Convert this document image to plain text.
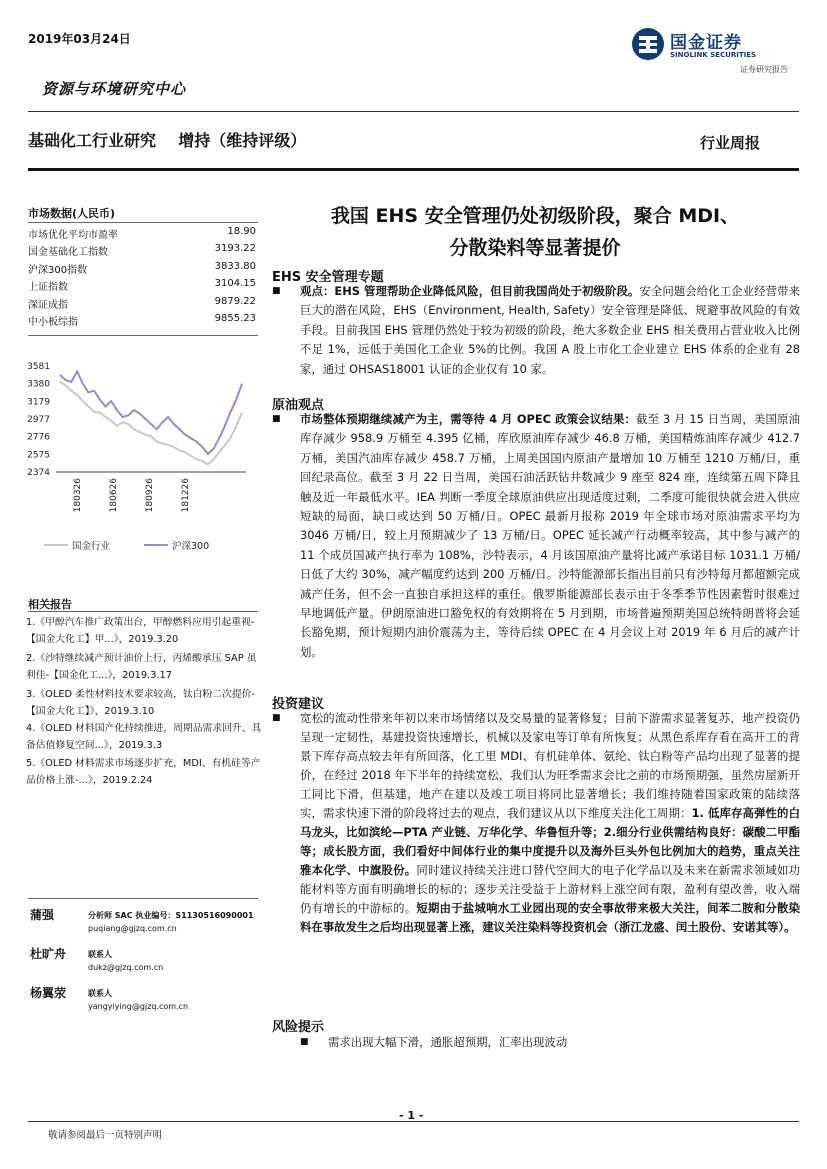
2019年03月24日
资源与环境研究中心
国金证券
SINOLINK SECURITIES
证券研究报告
基础化工行业研究    增持（维持评级）	行业周报
市场数据(人民币)
市场优化平均市盈率	18.90
国金基础化工指数	3193.22
沪深300指数	3833.80
上证指数	3104.15
深证成指	9879.22
中小板综指	9855.23
2374
2575
2776
2977
3179
3380
3581
180326	180626	180926	181226
国金行业	沪深300
相关报告
1.《甲醇汽车推广政策出台，甲醇燃料应用引起重视-【国金大化工】甲...》，2019.3.20
2.《沙特继续减产预计油价上行，丙烯酸承压 SAP 虽利佳-【国金化工...》，2019.3.17
3.《OLED 柔性材料技术要求较高，钛白粉二次提价-【国金大化工】》，2019.3.10
4.《OLED 材料国产化持续推进，周期品需求回升、具备估值修复空间...》，2019.3.3
5.《OLED 材料需求市场逐步扩充，MDI、有机硅等产品价格上涨-...》，2019.2.24
蒲强	分析师 SAC 执业编号：S1130516090001
puqiang@gjzq.com.cn
杜旷舟	联系人
dukz@gjzq.com.cn
杨翼荥	联系人
yangyiying@gjzq.com.cn
我国 EHS 安全管理仍处初级阶段，聚合 MDI、
分散染料等显著提价
EHS 安全管理专题
■ 观点：EHS 管理帮助企业降低风险，但目前我国尚处于初级阶段。安全问题会给化工企业经营带来巨大的潜在风险，EHS（Environment, Health, Safety）安全管理是降低、规避事故风险的有效手段。目前我国 EHS 管理仍然处于较为初级的阶段，绝大多数企业 EHS 相关费用占营业收入比例不足 1%，远低于美国化工企业 5%的比例。我国 A 股上市化工企业建立 EHS 体系的企业有 28 家，通过 OHSAS18001 认证的企业仅有 10 家。
原油观点
■ 市场整体预期继续减产为主，需等待 4 月 OPEC 政策会议结果：截至 3 月 15 日当周，美国原油库存减少 958.9 万桶至 4.395 亿桶，库欣原油库存减少 46.8 万桶，美国精炼油库存减少 412.7 万桶，美国汽油库存减少 458.7 万桶，上周美国国内原油产量增加 10 万桶至 1210 万桶/日，重回纪录高位。截至 3 月 22 日当周，美国石油活跃钻井数减少 9 座至 824 座，连续第五周下降且触及近一年最低水平。IEA 判断一季度全球原油供应出现适度过剩，二季度可能很快就会进入供应短缺的局面，缺口或达到 50 万桶/日。OPEC 最新月报称 2019 年全球市场对原油需求平均为 3046 万桶/日，较上月预期减少了 13 万桶/日。OPEC 延长减产行动概率较高，其中参与减产的 11 个成员国减产执行率为 108%，沙特表示，4 月该国原油产量将比减产承诺目标 1031.1 万桶/日低了大约 30%，减产幅度约达到 200 万桶/日。沙特能源部长指出目前只有沙特每月都超额完成减产任务，但不会一直独自承担这样的重任。俄罗斯能源部长表示由于冬季季节性因素暂时很难过早地调低产量。伊朗原油进口豁免权的有效期将在 5 月到期，市场普遍预期美国总统特朗普将会延长豁免期，预计短期内油价震荡为主，等待后续 OPEC 在 4 月会议上对 2019 年 6 月后的减产计划。
投资建议
■ 宽松的流动性带来年初以来市场情绪以及交易量的显著修复；目前下游需求显著复苏，地产投资仍呈现一定韧性，基建投资快速增长，机械以及家电等订单有所恢复；从黑色系库存看在高开工的背景下库存高点较去年有所回落，化工里 MDI、有机硅单体、氨纶、钛白粉等产品均出现了显著的提价，在经过 2018 年下半年的持续宽松，我们认为旺季需求会比之前的市场预期强，虽然房屋新开工同比下滑，但基建，地产在建以及竣工项目将同比显著增长；我们维持随着国家政策的陆续落实，需求快速下滑的阶段将过去的观点，我们建议从以下维度关注化工周期：1. 低库存高弹性的白马龙头，比如滨纶—PTA 产业链、万华化学、华鲁恒升等；2.细分行业供需结构良好：碳酸二甲酯等；成长股方面，我们看好中间体行业的集中度提升以及海外巨头外包比例加大的趋势，重点关注雅本化学、中旗股份。同时建议持续关注进口替代空间大的电子化学品以及未来在新需求领域如功能材料等方面有明确增长的标的；逐步关注受益于上游材料上涨空间有限，盈利有望改善，收入端仍有增长的中游标的。短期由于盐城响水工业园出现的安全事故带来极大关注，间苯二胺和分散染料在事故发生之后均出现显著上涨，建议关注染料等投资机会（浙江龙盛、闰土股份、安诺其等）。
风险提示
■ 需求出现大幅下滑，通胀超预期，汇率出现波动
- 1 -
敬请参阅最后一页特别声明
